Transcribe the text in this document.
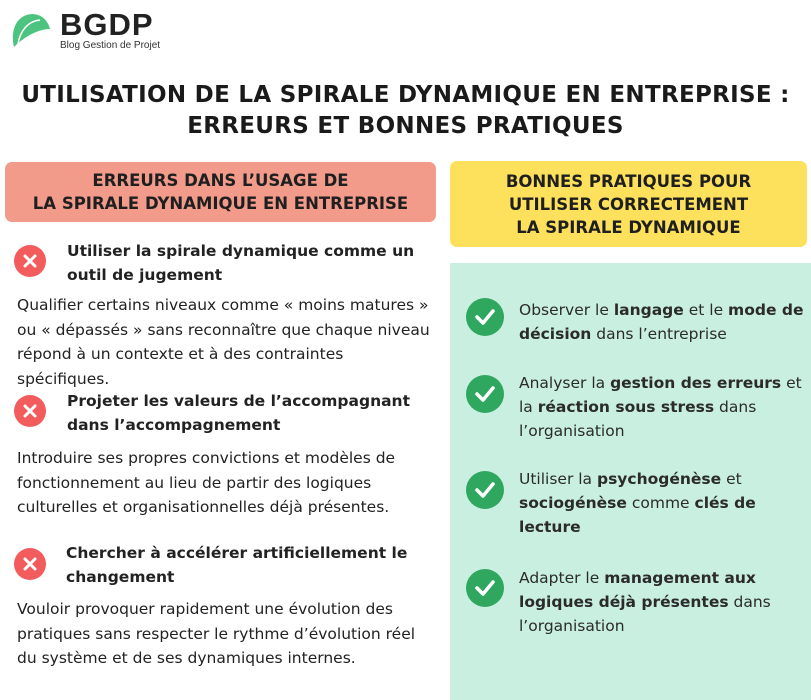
BGDP
Blog Gestion de Projet
UTILISATION DE LA SPIRALE DYNAMIQUE EN ENTREPRISE :
ERREURS ET BONNES PRATIQUES
ERREURS DANS L’USAGE DE
LA SPIRALE DYNAMIQUE EN ENTREPRISE
BONNES PRATIQUES POUR
UTILISER CORRECTEMENT
LA SPIRALE DYNAMIQUE
Utiliser la spirale dynamique comme un outil de jugement
Qualifier certains niveaux comme « moins matures » ou « dépassés » sans reconnaître que chaque niveau répond à un contexte et à des contraintes spécifiques.
Projeter les valeurs de l’accompagnant dans l’accompagnement
Introduire ses propres convictions et modèles de fonctionnement au lieu de partir des logiques culturelles et organisationnelles déjà présentes.
Chercher à accélérer artificiellement le changement
Vouloir provoquer rapidement une évolution des pratiques sans respecter le rythme d’évolution réel du système et de ses dynamiques internes.
Observer le langage et le mode de décision dans l’entreprise
Analyser la gestion des erreurs et la réaction sous stress dans l’organisation
Utiliser la psychogénèse et sociogénèse comme clés de lecture
Adapter le management aux logiques déjà présentes dans l’organisation
